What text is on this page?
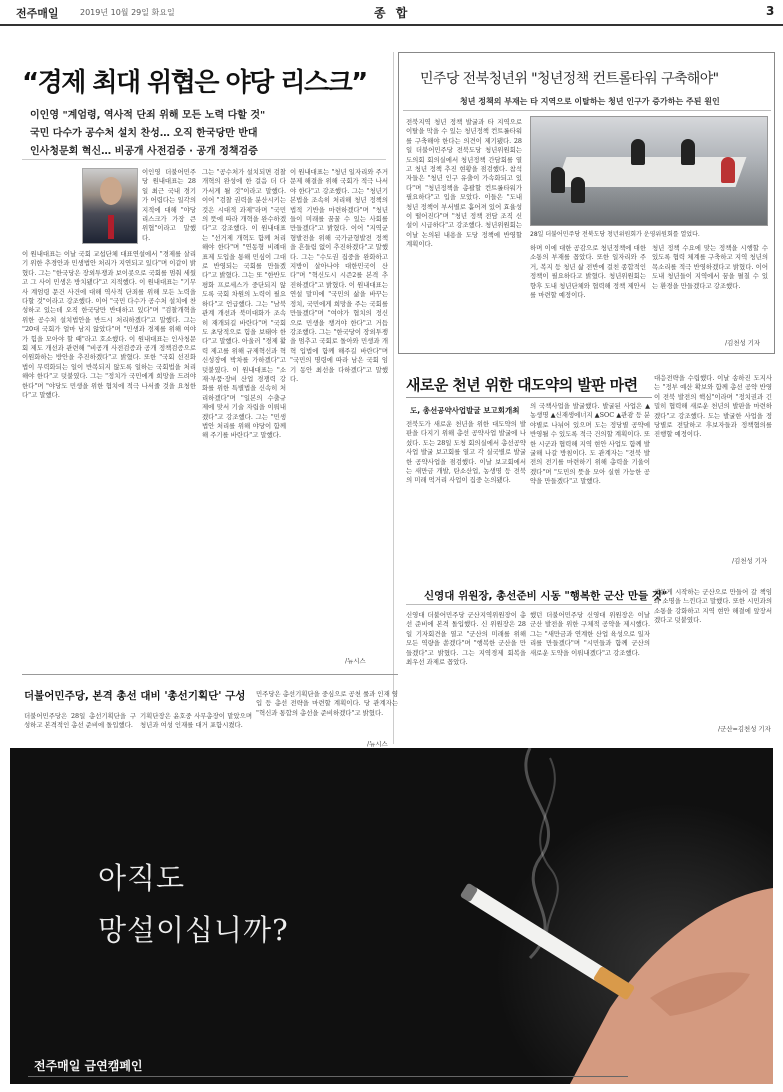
전주매일	2019년 10월 29일 화요일	종 합	3
“경제 최대 위협은 야당 리스크”
이인영 "계엄령, 역사적 단죄 위해 모든 노력 다할 것"
국민 다수가 공수처 설치 찬성… 오직 한국당만 반대
인사청문회 혁신… 비공개 사전검증 · 공개 정책검증
이인영 더불어민주당 원내대표는 28일 최근 국내 경기가 어렵다는 일각의 지적에 대해 "야당 리스크가 가장 큰 위협"이라고 말했다.
이 원내대표는 이날 국회 교섭단체 대표연설에서 "경제를 살리기 위한 추경안과 민생법안 처리가 지연되고 있다"며 이같이 밝혔다. 그는 "한국당은 장외투쟁과 보이콧으로 국회를 멈춰 세웠고 그 사이 민생은 방치됐다"고 지적했다. 이 원내대표는 "기무사 계엄령 문건 사건에 대해 역사적 단죄를 위해 모든 노력을 다할 것"이라고 강조했다. 이어 "국민 다수가 공수처 설치에 찬성하고 있는데 오직 한국당만 반대하고 있다"며 "검찰개혁을 위한 공수처 설치법안을 반드시 처리하겠다"고 말했다. 그는 "20대 국회가 얼마 남지 않았다"며 "민생과 경제를 위해 여야가 힘을 모아야 할 때"라고 호소했다. 이 원내대표는 인사청문회 제도 개선과 관련해 "비공개 사전검증과 공개 정책검증으로 이원화하는 방안을 추진하겠다"고 밝혔다. 또한 "국회 선진화법이 무력화되는 일이 반복되지 않도록 일하는 국회법을 처리해야 한다"고 덧붙였다. 그는 "정치가 국민에게 희망을 드려야 한다"며 "야당도 민생을 위한 협치에 적극 나서줄 것을 요청한다"고 말했다.
그는 "공수처가 설치되면 검찰개혁의 완성에 한 걸음 더 다가서게 될 것"이라고 말했다. 이어 "검찰 권력을 분산시키는 것은 시대적 과제"라며 "국민의 뜻에 따라 개혁을 완수하겠다"고 강조했다. 이 원내대표는 "선거제 개혁도 함께 처리해야 한다"며 "연동형 비례대표제 도입을 통해 민심이 그대로 반영되는 국회를 만들겠다"고 밝혔다. 그는 또 "한반도 평화 프로세스가 중단되지 않도록 국회 차원의 노력이 필요하다"고 언급했다. 그는 "남북관계 개선과 북미대화가 조속히 재개되길 바란다"며 "국회도 초당적으로 힘을 보태야 한다"고 말했다. 아울러 "경제 활력 제고를 위해 규제혁신과 혁신성장에 박차를 가하겠다"고 덧붙였다. 이 원내대표는 "소재·부품·장비 산업 경쟁력 강화를 위한 특별법을 신속히 처리하겠다"며 "일본의 수출규제에 맞서 기술 자립을 이뤄내겠다"고 강조했다. 그는 "민생 법안 처리를 위해 야당이 함께 해 주기를 바란다"고 말했다.
이 원내대표는 "청년 일자리와 주거 문제 해결을 위해 국회가 적극 나서야 한다"고 강조했다. 그는 "청년기본법을 조속히 처리해 청년 정책의 법적 기반을 마련하겠다"며 "청년들이 미래를 꿈꿀 수 있는 사회를 만들겠다"고 밝혔다. 이어 "지역균형발전을 위해 국가균형발전 정책을 흔들림 없이 추진하겠다"고 말했다. 그는 "수도권 집중을 완화하고 지방이 살아나야 대한민국이 산다"며 "혁신도시 시즌2를 본격 추진하겠다"고 밝혔다. 이 원내대표는 연설 말미에 "국민의 삶을 바꾸는 정치, 국민에게 희망을 주는 국회를 만들겠다"며 "여야가 협치의 정신으로 민생을 챙겨야 한다"고 거듭 강조했다. 그는 "한국당이 장외투쟁을 멈추고 국회로 돌아와 민생과 개혁 입법에 함께 해주길 바란다"며 "국민의 명령에 따라 남은 국회 임기 동안 최선을 다하겠다"고 말했다.
/뉴시스
민주당 전북청년위 "청년정책 컨트롤타워 구축해야"
청년 정책의 부재는 타 지역으로 이탈하는 청년 인구가 증가하는 주된 원인
전북지역 청년 정책 발굴과 타 지역으로 이탈을 막을 수 있는 청년정책 컨트롤타워를 구축해야 한다는 의견이 제기됐다. 28일 더불어민주당 전북도당 청년위원회는 도의회 회의실에서 청년정책 간담회를 열고 청년 정책 추진 현황을 점검했다. 참석자들은 "청년 인구 유출이 가속화되고 있다"며 "청년정책을 총괄할 컨트롤타워가 필요하다"고 입을 모았다. 이들은 "도내 청년 정책이 부서별로 흩어져 있어 효율성이 떨어진다"며 "청년 정책 전담 조직 신설이 시급하다"고 강조했다. 청년위원회는 이날 논의된 내용을 도당 정책에 반영할 계획이다.
28일 더불어민주당 전북도당 청년위원회가 운영위원회를 열었다.
하며 이에 대한 공감으로 청년정책에 대한 소통의 부재를 꼽았다. 또한 일자리와 주거, 복지 등 청년 삶 전반에 걸친 종합적인 정책이 필요하다고 밝혔다. 청년위원회는 향후 도내 청년단체와 협력해 정책 제안서를 마련할 예정이다.
청년 정책 수요에 맞는 정책을 시행할 수 있도록 협력 체계를 구축하고 지역 청년의 목소리를 적극 반영하겠다고 밝혔다. 이어 도내 청년들이 지역에서 꿈을 펼칠 수 있는 환경을 만들겠다고 강조했다.
/김천성 기자
새로운 천년 위한 대도약의 발판 마련
도, 총선공약사업발굴 보고회개최
전북도가 새로운 천년을 위한 대도약의 발판을 다지기 위해 총선 공약사업 발굴에 나섰다. 도는 28일 도청 회의실에서 총선공약사업 발굴 보고회를 열고 각 실국별로 발굴한 공약사업을 점검했다. 이날 보고회에서는 새만금 개발, 탄소산업, 농생명 등 전북의 미래 먹거리 사업이 집중 논의됐다.
의 국책사업을 발굴했다. 발굴된 사업은 ▲농생명 ▲신재생에너지 ▲SOC ▲관광 등 분야별로 나뉘어 있으며 도는 정당별 공약에 반영될 수 있도록 적극 건의할 계획이다. 또한 시군과 협력해 지역 현안 사업도 함께 발굴해 나갈 방침이다. 도 관계자는 "전북 발전의 전기를 마련하기 위해 총력을 기울이겠다"며 "도민의 뜻을 모아 실현 가능한 공약을 만들겠다"고 말했다.
대응전략을 수립했다. 이날 송하진 도지사는 "정부 예산 확보와 함께 총선 공약 반영이 전북 발전의 핵심"이라며 "정치권과 긴밀히 협력해 새로운 천년의 발판을 마련하겠다"고 강조했다. 도는 발굴한 사업을 정당별로 전달하고 후보자들과 정책협의를 진행할 예정이다.
/김천성 기자
신영대 위원장, 총선준비 시동 "행복한 군산 만들 것"
신영대 더불어민주당 군산지역위원장이 총선 준비에 본격 돌입했다. 신 위원장은 28일 기자회견을 열고 "군산의 미래를 위해 모든 역량을 쏟겠다"며 "행복한 군산을 만들겠다"고 밝혔다. 그는 지역경제 회복을 최우선 과제로 꼽았다.
했던 더불어민주당 신영대 위원장은 이날 군산 발전을 위한 구체적 공약을 제시했다. 그는 "새만금과 연계한 산업 육성으로 일자리를 만들겠다"며 "시민들과 함께 군산의 새로운 도약을 이뤄내겠다"고 강조했다.
새롭게 시작하는 군산으로 만들어 갈 책임과 소명을 느낀다고 말했다. 또한 시민과의 소통을 강화하고 지역 현안 해결에 앞장서겠다고 덧붙였다.
/군산=김천성 기자
더불어민주당, 본격 총선 대비 '총선기획단' 구성
더불어민주당은 28일 총선기획단을 구성하고 본격적인 총선 준비에 돌입했다.
기획단장은 윤호중 사무총장이 맡았으며 청년과 여성 인재를 대거 포함시켰다.
민주당은 총선기획단을 중심으로 공천 룰과 인재 영입 등 총선 전략을 마련할 계획이다. 당 관계자는 "혁신과 통합의 총선을 준비하겠다"고 밝혔다.
/뉴시스
아직도
망설이십니까?
전주매일 금연캠페인
